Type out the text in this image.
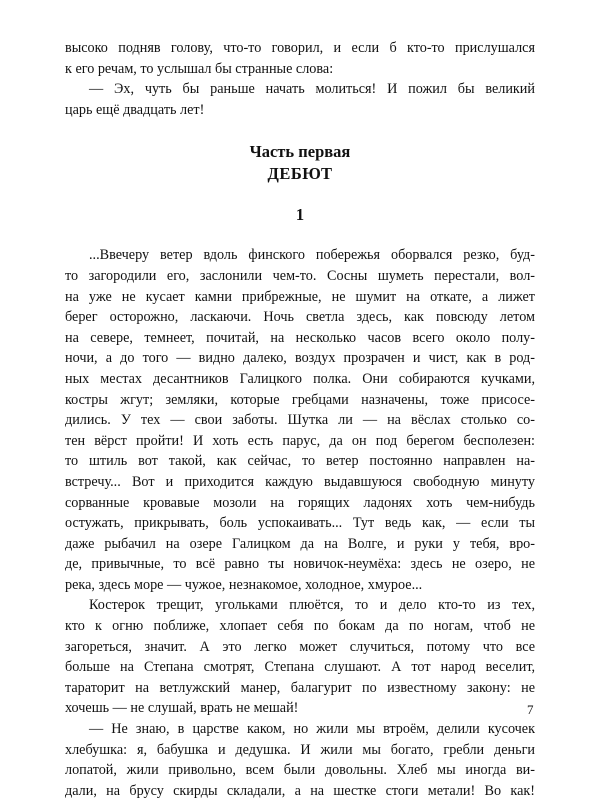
высоко подняв голову, что-то говорил, и если б кто-то прислушался
к его речам, то услышал бы странные слова:
— Эх, чуть бы раньше начать молиться! И пожил бы великий
царь ещё двадцать лет!
Часть первая
ДЕБЮТ
1
...Ввечеру ветер вдоль финского побережья оборвался резко, буд-
то загородили его, заслонили чем-то. Сосны шуметь перестали, вол-
на уже не кусает камни прибрежные, не шумит на откате, а лижет
берег осторожно, ласкаючи. Ночь светла здесь, как повсюду летом
на севере, темнеет, почитай, на несколько часов всего около полу-
ночи, а до того — видно далеко, воздух прозрачен и чист, как в род-
ных местах десантников Галицкого полка. Они собираются кучками,
костры жгут; земляки, которые гребцами назначены, тоже присосе-
дились. У тех — свои заботы. Шутка ли — на вёслах столько со-
тен вёрст пройти! И хоть есть парус, да он под берегом бесполезен:
то штиль вот такой, как сейчас, то ветер постоянно направлен на-
встречу... Вот и приходится каждую выдавшуюся свободную минуту
сорванные кровавые мозоли на горящих ладонях хоть чем-нибудь
остужать, прикрывать, боль успокаивать... Тут ведь как, — если ты
даже рыбачил на озере Галицком да на Волге, и руки у тебя, вро-
де, привычные, то всё равно ты новичок-неумёха: здесь не озеро, не
река, здесь море — чужое, незнакомое, холодное, хмурое...
Костерок трещит, угольками плюётся, то и дело кто-то из тех,
кто к огню поближе, хлопает себя по бокам да по ногам, чтоб не
загореться, значит. А это легко может случиться, потому что все
больше на Степана смотрят, Степана слушают. А тот народ веселит,
тараторит на ветлужский манер, балагурит по известному закону: не
хочешь — не слушай, врать не мешай!
— Не знаю, в царстве каком, но жили мы втроём, делили кусочек
хлебушка: я, бабушка и дедушка. И жили мы богато, гребли деньги
лопатой, жили привольно, всем были довольны. Хлеб мы иногда ви-
дали, на брусу скирды складали, а на шестке стоги метали! Во как!
7
